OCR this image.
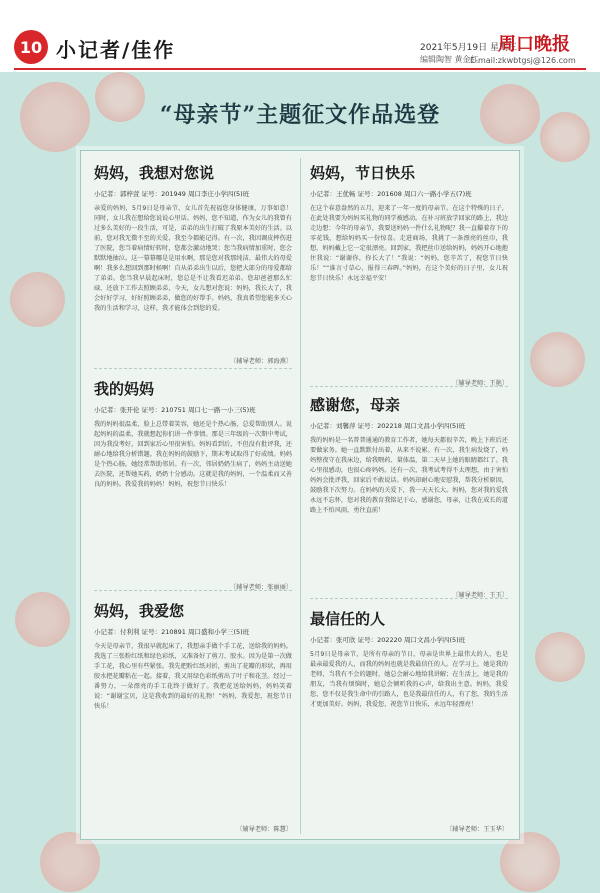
10 小记者/佳作	2021年5月19日 星期三
编辑陶智 黄金红
周口晚报
E-mail:zkwbtgsj@126.com
“母亲节”主题征文作品选登
妈妈，我想对您说
小记者：郭梓萱 证号：201949 周口李庄小学四(5)班
亲爱的妈妈，5月9日是母亲节，女儿首先祝福您身体健康，万事如意！同时，女儿我在想给您说说心里话。妈妈，您不知道，作为女儿的我曾有过多么美好的一段生活，可是，弟弟的出生打破了我原本美好的生活。以前，您对我无微不至的关爱，我至今都能记得。有一次，我因调皮摔伤进了医院，您当着病情好转时，您都会激动地哭；您当我病情加重时，您会默默地抽泣。这一幕幕哪是是用水啊，那是您对我那纯洁、最伟大的母爱啊！我多么想回到那时候啊！自从弟弟出生以后，您把大部分的母爱都给了弟弟。您当我早晨起床时，您总是不让我看迟弟弟。您却爸爸那么忙碌，还放下工作去照顾弟弟，今天，女儿想对您说：妈妈，我长大了，我会好好学习，好好照顾弟弟，做您的好帮手。妈妈，我真希望您能多关心我的生活和学习，这样，我才能体会到您的爱。
〔辅导老师：郭海燕〕
我的妈妈
小记者：张开伦 证号：210751 周口七一路一小三(5)班
我的妈妈很温柔，脸上总带着笑容，她还是个热心肠，总爱帮助别人。说起妈妈的温柔，我就想起你们讲一件事情。那是三年级的一次期中考试，因为我没考好，回到家后心里很害怕。妈妈看到后，不但没有批评我，还耐心地给我分析错题。我在妈妈的鼓励下，期末考试取得了好成绩。妈妈是个热心肠，她经常帮助邻居。有一次，邻居奶奶生病了，妈妈主动送她去医院，还帮她买药，奶奶十分感动。这就是我的妈妈，一个温柔而又善良的妈妈。我爱我的妈妈！妈妈，祝您节日快乐！
〔辅导老师：张丽丽〕
妈妈，我爱您
小记者：付利利 证号：210891 周口盛和小学三(5)班
今天是母亲节，我很早就起床了，我想亲手做个手工花，送给我的妈妈。我选了三张粉红纸和绿色彩纸，又准备好了剪刀、胶水。因为是第一次做手工花，我心里有些紧张。我先把粉红纸对折，剪出了花瓣的形状，再用胶水把花瓣粘在一起。接着，我又用绿色彩纸剪出了叶子和花茎。经过一番努力，一朵漂亮的手工花终于做好了。我把花送给妈妈，妈妈笑着说：“谢谢宝贝，这是我收到的最好的礼物！”妈妈，我爱您，祝您节日快乐！
〔辅导老师：陈慧〕
妈妈，节日快乐
小记者：王优畅 证号：201608 周口六一路小学五(7)班
在这个春意盎然的五月，迎来了一年一度的母亲节。在这个特殊的日子，在此处我要为妈妈买礼物的同学被感动。在补习班放学回家的路上，我边走边想：今年的母亲节，我要送妈妈一件什么礼物呢？我一直攥着存下的零花钱，想给妈妈买一份惊喜。走进商场，我挑了一条漂亮的丝巾，我想，妈妈戴上它一定很漂亮。回到家，我把丝巾送给妈妈，妈妈开心地抱住我说：“谢谢你，你长大了！”我说：“妈妈，您辛苦了，祝您节日快乐！”“谁言寸草心，报得三春晖。”妈妈，在这个美好的日子里，女儿祝您节日快乐！永远幸福平安！
〔辅导老师：王艳〕
感谢您，母亲
小记者：刘馨萍 证号：202218 周口文昌小学四(5)班
我的妈妈是一名普普通通的教育工作者，她每天都很辛苦，晚上下班后还要做家务。她一直默默付出着，从来不说累。有一次，我生病发烧了，妈妈整夜守在我床边，给我喂药、量体温，第二天早上她的眼睛都红了。我心里很感动，也很心疼妈妈。还有一次，我考试考得不太理想，由于害怕妈妈会批评我，回家后不敢说话。妈妈却耐心地安慰我，帮我分析原因，鼓励我下次努力。在妈妈的关爱下，我一天天长大。妈妈，您对我的爱我永远不忘怀，您对我的教育我铭记于心，感谢您，母亲，让我在成长的道路上不怕风雨，勇往直前！
〔辅导老师：王玉〕
最信任的人
小记者：张可欣 证号：202220 周口文昌小学四(5)班
5月9日是母亲节，是所有母亲的节日，母亲是世界上最伟大的人，也是最亲最爱我的人，而我的妈妈也就是我最信任的人。在学习上，她是我的老师，当我有不会的题时，她总会耐心地给我讲解；在生活上，她是我的朋友，当我有烦恼时，她总会倾听我的心声，给我出主意。妈妈，我爱您，您不仅是我生命中的引路人，也是我最信任的人，有了您，我的生活才更加美好。妈妈，我爱您，祝您节日快乐，永远年轻漂亮！
〔辅导老师：王玉华〕
